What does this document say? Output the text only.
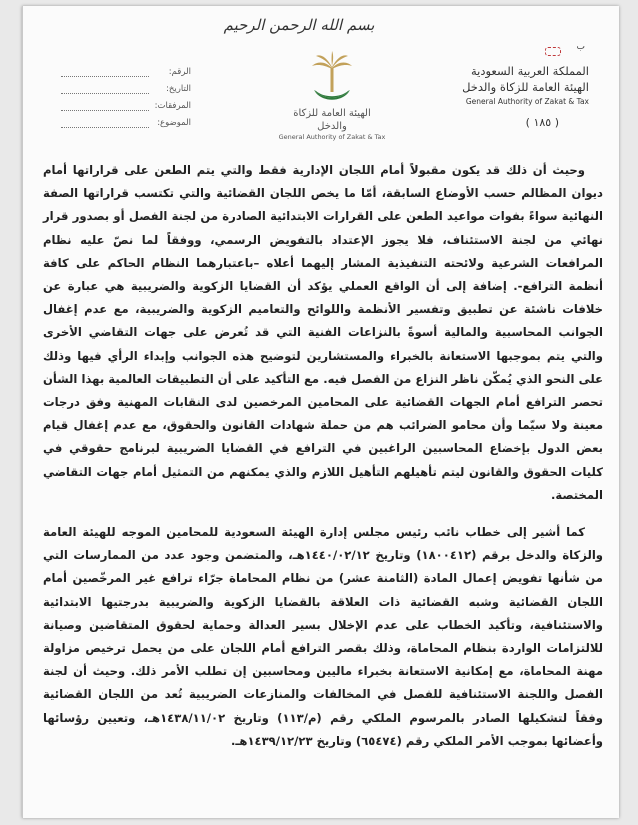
بسم الله الرحمن الرحيم
ب
المملكة العربية السعودية
الهيئة العامة للزكاة والدخل
General Authority of Zakat & Tax
( ١٨٥ )
الهيئة العامة للزكاة والدخل
General Authority of Zakat & Tax
الرقم:
التاريخ:
المرفقات:
الموضوع:

وحيث أن ذلك قد يكون مقبولاً أمام اللجان الإدارية فقط والتي يتم الطعن على قراراتها أمام ديوان المظالم حسب الأوضاع السابقة، أمّا ما يخص اللجان القضائية والتي تكتسب قراراتها الصفة النهائية سواءً بفوات مواعيد الطعن على القرارات الابتدائية الصادرة من لجنة الفصل أو بصدور قرار نهائي من لجنة الاستئناف، فلا يجوز الإعتداد بالتفويض الرسمي، ووفقاً لما نصّ عليه نظام المرافعات الشرعية ولائحته التنفيذية المشار إليهما أعلاه –باعتبارهما النظام الحاكم على كافة أنظمة الترافع-. إضافة إلى أن الواقع العملي يؤكد أن القضايا الزكوية والضريبية هي عبارة عن خلافات ناشئة عن تطبيق وتفسير الأنظمة واللوائح والتعاميم الزكوية والضريبية، مع عدم إغفال الجوانب المحاسبية والمالية أسوةً بالنزاعات الفنية التي قد تُعرض على جهات التقاضي الأخرى والتي يتم بموجبها الاستعانة بالخبراء والمستشارين لتوضيح هذه الجوانب وإبداء الرأي فيها وذلك على النحو الذي يُمكّن ناظر النزاع من الفصل فيه. مع التأكيد على أن التطبيقات العالمية بهذا الشأن تحصر الترافع أمام الجهات القضائية على المحامين المرخصين لدى النقابات المهنية وفق درجات معينة ولا سيّما وأن محامو الضرائب هم من حملة شهادات القانون والحقوق، مع عدم إغفال قيام بعض الدول بإخضاع المحاسبين الراغبين في الترافع في القضايا الضريبية لبرنامج حقوقي في كليات الحقوق والقانون ليتم تأهيلهم التأهيل اللازم والذي يمكنهم من التمثيل أمام جهات التقاضي المختصة.

كما أشير إلى خطاب نائب رئيس مجلس إدارة الهيئة السعودية للمحامين الموجه للهيئة العامة والزكاة والدخل برقم (١٨٠٠٤١٢) وتاريخ ١٤٤٠/٠٢/١٢هـ، والمتضمن وجود عدد من الممارسات التي من شأنها تفويض إعمال المادة (الثامنة عشر) من نظام المحاماة جرّاء ترافع غير المرخّصين أمام اللجان القضائية وشبه القضائية ذات العلاقة بالقضايا الزكوية والضريبية بدرجتيها الابتدائية والاستئنافية، وتأكيد الخطاب على عدم الإخلال بسير العدالة وحماية لحقوق المتقاضين وصيانة للالتزامات الواردة بنظام المحاماة، وذلك بقصر الترافع أمام اللجان على من يحمل ترخيص مزاولة مهنة المحاماة، مع إمكانية الاستعانة بخبراء ماليين ومحاسبين إن تطلب الأمر ذلك. وحيث أن لجنة الفصل واللجنة الاستئنافية للفصل في المخالفات والمنازعات الضريبية تُعد من اللجان القضائية وفقاً لتشكيلها الصادر بالمرسوم الملكي رقم (م/١١٣) وتاريخ ١٤٣٨/١١/٠٢هـ، وتعيين رؤسائها وأعضائها بموجب الأمر الملكي رقم (٦٥٤٧٤) وتاريخ ١٤٣٩/١٢/٢٣هـ.
